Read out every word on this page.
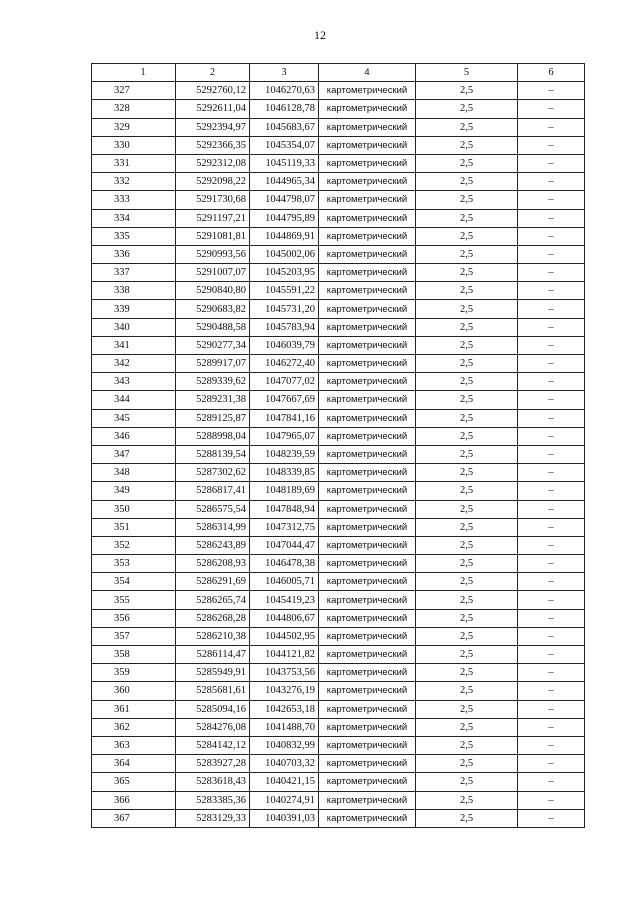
12
1	2	3	4	5	6
327	5292760,12	1046270,63	картометрический	2,5	–
328	5292611,04	1046128,78	картометрический	2,5	–
329	5292394,97	1045683,67	картометрический	2,5	–
330	5292366,35	1045354,07	картометрический	2,5	–
331	5292312,08	1045119,33	картометрический	2,5	–
332	5292098,22	1044965,34	картометрический	2,5	–
333	5291730,68	1044798,07	картометрический	2,5	–
334	5291197,21	1044795,89	картометрический	2,5	–
335	5291081,81	1044869,91	картометрический	2,5	–
336	5290993,56	1045002,06	картометрический	2,5	–
337	5291007,07	1045203,95	картометрический	2,5	–
338	5290840,80	1045591,22	картометрический	2,5	–
339	5290683,82	1045731,20	картометрический	2,5	–
340	5290488,58	1045783,94	картометрический	2,5	–
341	5290277,34	1046039,79	картометрический	2,5	–
342	5289917,07	1046272,40	картометрический	2,5	–
343	5289339,62	1047077,02	картометрический	2,5	–
344	5289231,38	1047667,69	картометрический	2,5	–
345	5289125,87	1047841,16	картометрический	2,5	–
346	5288998,04	1047965,07	картометрический	2,5	–
347	5288139,54	1048239,59	картометрический	2,5	–
348	5287302,62	1048339,85	картометрический	2,5	–
349	5286817,41	1048189,69	картометрический	2,5	–
350	5286575,54	1047848,94	картометрический	2,5	–
351	5286314,99	1047312,75	картометрический	2,5	–
352	5286243,89	1047044,47	картометрический	2,5	–
353	5286208,93	1046478,38	картометрический	2,5	–
354	5286291,69	1046005,71	картометрический	2,5	–
355	5286265,74	1045419,23	картометрический	2,5	–
356	5286268,28	1044806,67	картометрический	2,5	–
357	5286210,38	1044502,95	картометрический	2,5	–
358	5286114,47	1044121,82	картометрический	2,5	–
359	5285949,91	1043753,56	картометрический	2,5	–
360	5285681,61	1043276,19	картометрический	2,5	–
361	5285094,16	1042653,18	картометрический	2,5	–
362	5284276,08	1041488,70	картометрический	2,5	–
363	5284142,12	1040832,99	картометрический	2,5	–
364	5283927,28	1040703,32	картометрический	2,5	–
365	5283618,43	1040421,15	картометрический	2,5	–
366	5283385,36	1040274,91	картометрический	2,5	–
367	5283129,33	1040391,03	картометрический	2,5	–
